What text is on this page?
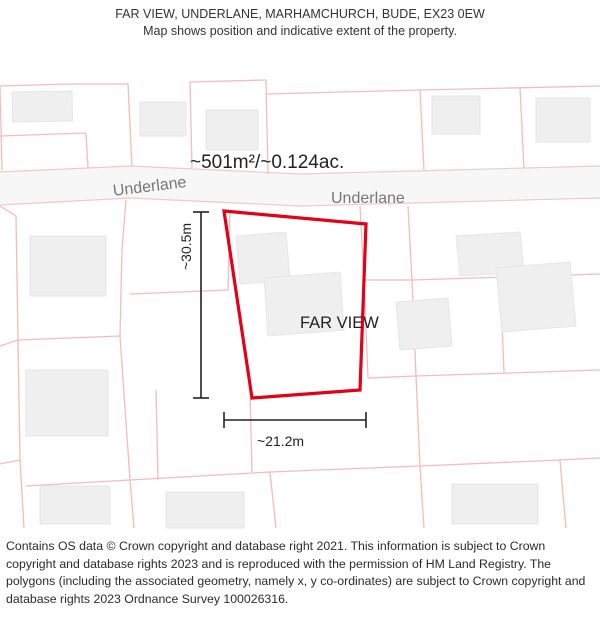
FAR VIEW, UNDERLANE, MARHAMCHURCH, BUDE, EX23 0EW
Map shows position and indicative extent of the property.
~501m²/~0.124ac.
Underlane	Underlane
FAR VIEW
~30.5m
~21.2m
Contains OS data © Crown copyright and database right 2021. This information is subject to Crown copyright and database rights 2023 and is reproduced with the permission of HM Land Registry. The polygons (including the associated geometry, namely x, y co-ordinates) are subject to Crown copyright and database rights 2023 Ordnance Survey 100026316.
